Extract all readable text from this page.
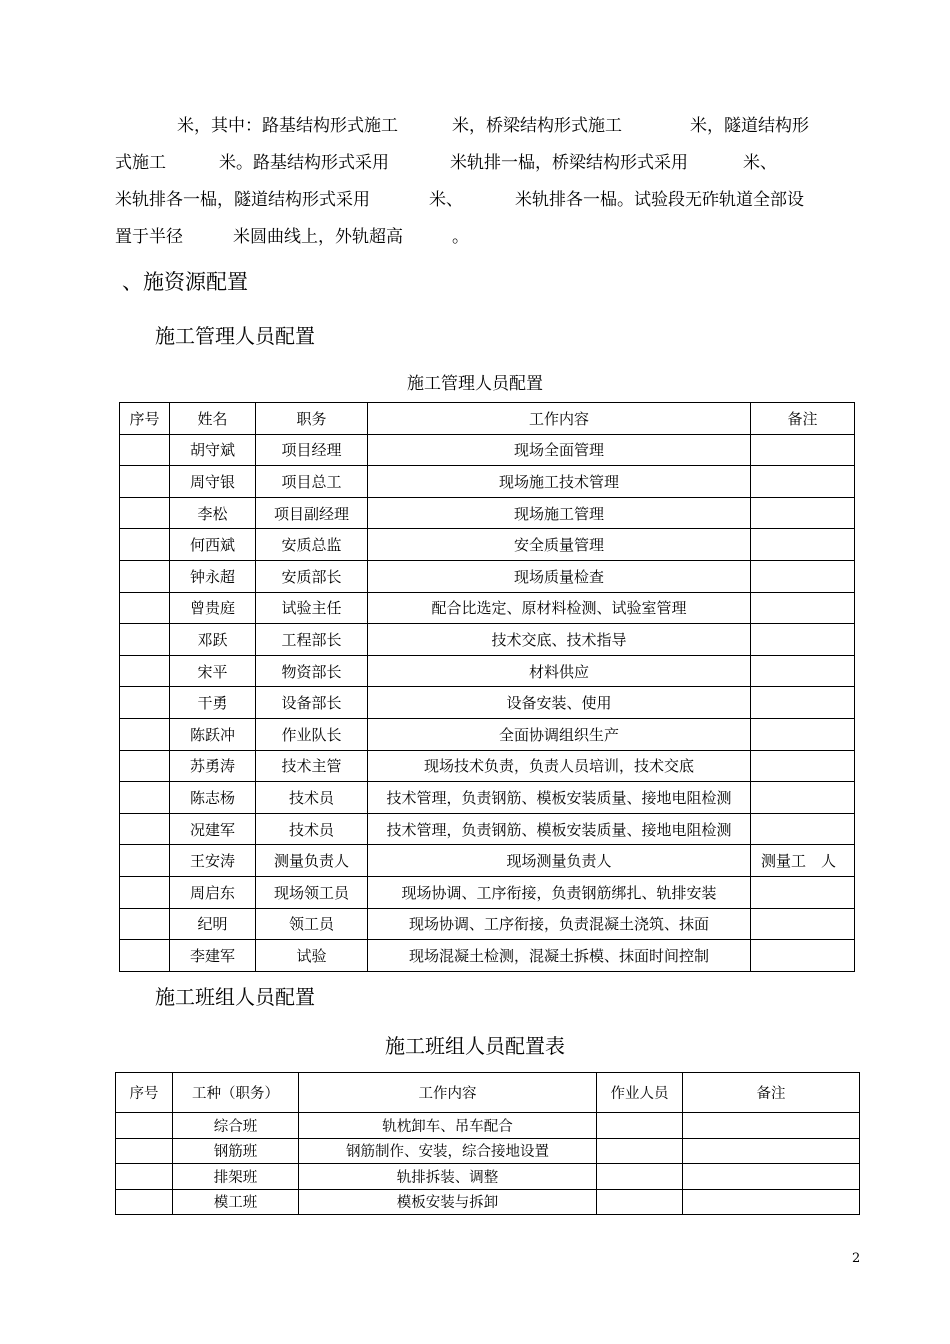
米，其中：路基结构形式施工	米，桥梁结构形式施工	米，隧道结构形

式施工	米。路基结构形式采用	米轨排一榀，桥梁结构形式采用	米、

米轨排各一榀，隧道结构形式采用	米、	米轨排各一榀。试验段无砟轨道全部设

置于半径	米圆曲线上，外轨超高	。

、施资源配置
施工管理人员配置

施工管理人员配置

序号	姓名	职务	工作内容	备注
	胡守斌	项目经理	现场全面管理	
	周守银	项目总工	现场施工技术管理	
	李松	项目副经理	现场施工管理	
	何西斌	安质总监	安全质量管理	
	钟永超	安质部长	现场质量检查	
	曾贵庭	试验主任	配合比选定、原材料检测、试验室管理	
	邓跃	工程部长	技术交底、技术指导	
	宋平	物资部长	材料供应	
	干勇	设备部长	设备安装、使用	
	陈跃冲	作业队长	全面协调组织生产	
	苏勇涛	技术主管	现场技术负责，负责人员培训，技术交底	
	陈志杨	技术员	技术管理，负责钢筋、模板安装质量、接地电阻检测	
	况建军	技术员	技术管理，负责钢筋、模板安装质量、接地电阻检测	
	王安涛	测量负责人	现场测量负责人	测量工　人
	周启东	现场领工员	现场协调、工序衔接，负责钢筋绑扎、轨排安装	
	纪明	领工员	现场协调、工序衔接，负责混凝土浇筑、抹面	
	李建军	试验	现场混凝土检测，混凝土拆模、抹面时间控制	
施工班组人员配置

施工班组人员配置表

序号	工种（职务）	工作内容	作业人员	备注
	综合班	轨枕卸车、吊车配合		
	钢筋班	钢筋制作、安装，综合接地设置		
	排架班	轨排拆装、调整		
	模工班	模板安装与拆卸		

2
